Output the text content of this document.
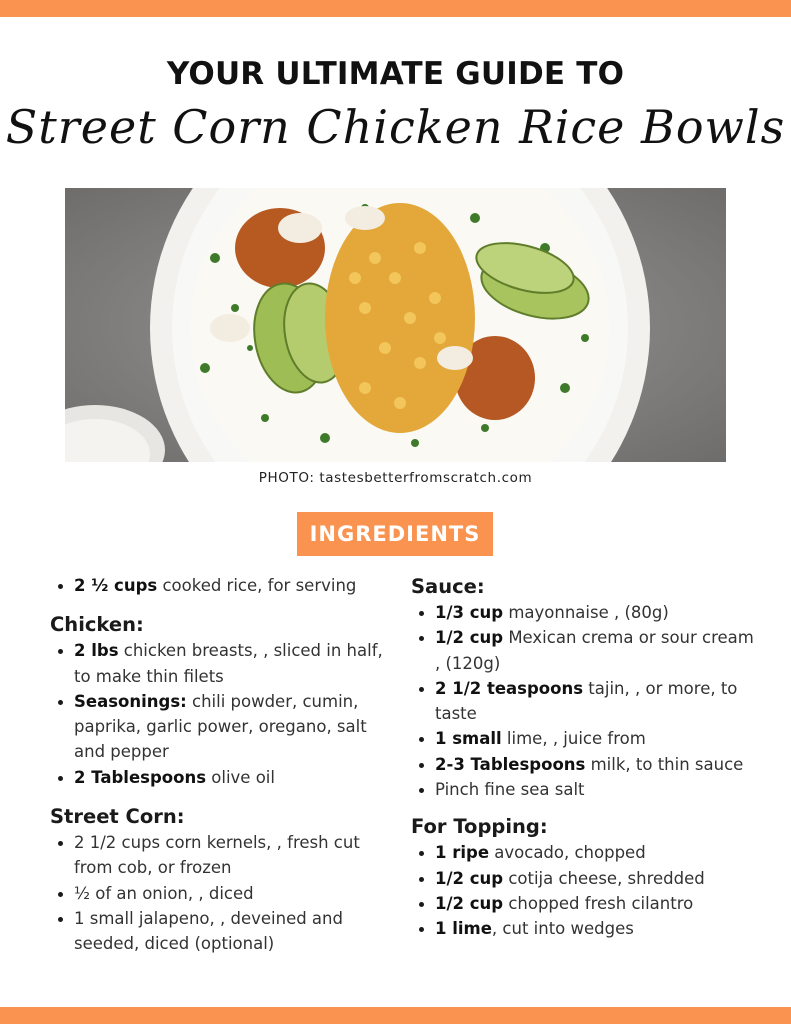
YOUR ULTIMATE GUIDE TO
Street Corn Chicken Rice Bowls
PHOTO: tastesbetterfromscratch.com
INGREDIENTS
2 ½ cups cooked rice, for serving

Chicken:

2 lbs chicken breasts, , sliced in half, to make thin filets
Seasonings: chili powder, cumin, paprika, garlic power, oregano, salt and pepper
2 Tablespoons olive oil

Street Corn:

2 1/2 cups corn kernels, , fresh cut from cob, or frozen
½ of an onion, , diced
1 small jalapeno, , deveined and seeded, diced (optional)

Sauce:

1/3 cup mayonnaise , (80g)
1/2 cup Mexican crema or sour cream , (120g)
2 1/2 teaspoons tajin, , or more, to taste
1 small lime, , juice from
2-3 Tablespoons milk, to thin sauce
Pinch fine sea salt

For Topping:

1 ripe avocado, chopped
1/2 cup cotija cheese, shredded
1/2 cup chopped fresh cilantro
1 lime, cut into wedges
